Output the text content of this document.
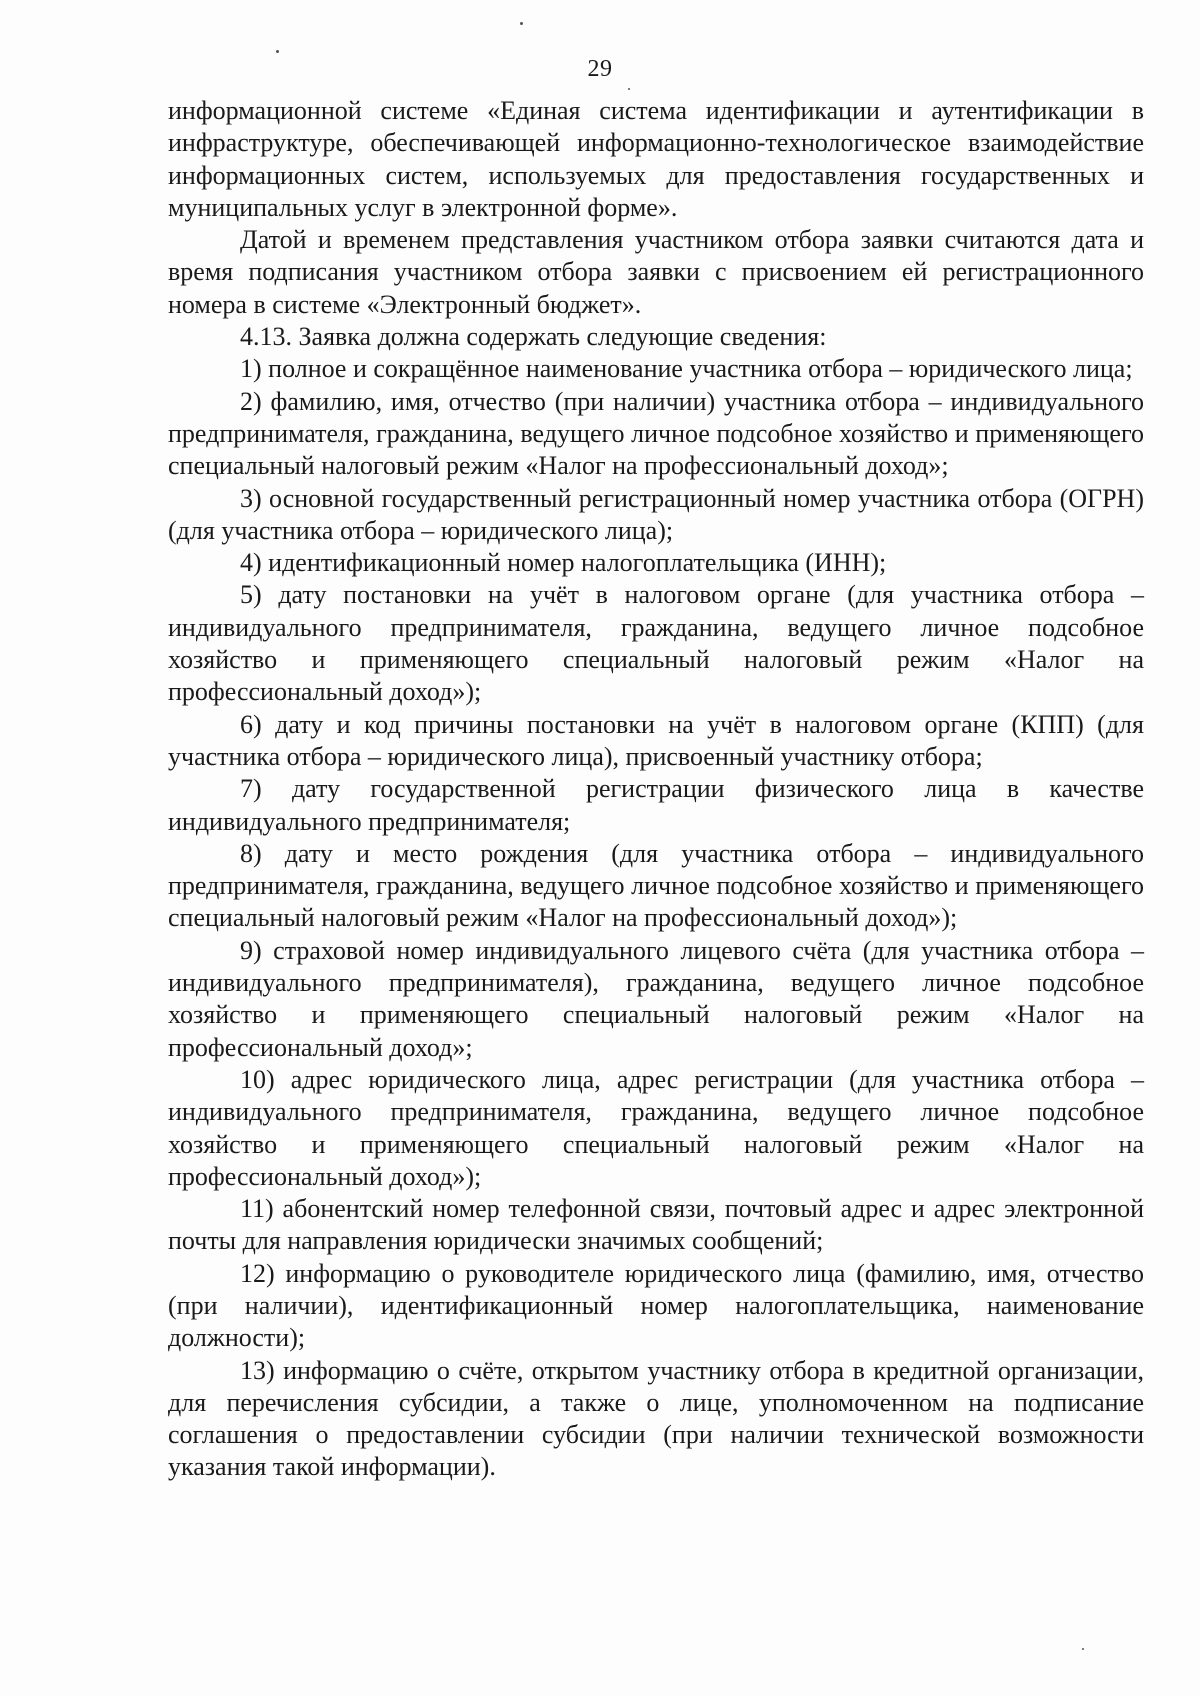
29

информационной системе «Единая система идентификации и аутентификации в инфраструктуре, обеспечивающей информационно-технологическое взаимодействие информационных систем, используемых для предоставления государственных и муниципальных услуг в электронной форме».

Датой и временем представления участником отбора заявки считаются дата и время подписания участником отбора заявки с присвоением ей регистрационного номера в системе «Электронный бюджет».

4.13. Заявка должна содержать следующие сведения:

1) полное и сокращённое наименование участника отбора – юридического лица;

2) фамилию, имя, отчество (при наличии) участника отбора – индивидуального предпринимателя, гражданина, ведущего личное подсобное хозяйство и применяющего специальный налоговый режим «Налог на профессиональный доход»;

3) основной государственный регистрационный номер участника отбора (ОГРН) (для участника отбора – юридического лица);

4) идентификационный номер налогоплательщика (ИНН);

5) дату постановки на учёт в налоговом органе (для участника отбора – индивидуального предпринимателя, гражданина, ведущего личное подсобное хозяйство и применяющего специальный налоговый режим «Налог на профессиональный доход»);

6) дату и код причины постановки на учёт в налоговом органе (КПП) (для участника отбора – юридического лица), присвоенный участнику отбора;

7) дату государственной регистрации физического лица в качестве индивидуального предпринимателя;

8) дату и место рождения (для участника отбора – индивидуального предпринимателя, гражданина, ведущего личное подсобное хозяйство и применяющего специальный налоговый режим «Налог на профессиональный доход»);

9) страховой номер индивидуального лицевого счёта (для участника отбора – индивидуального предпринимателя), гражданина, ведущего личное подсобное хозяйство и применяющего специальный налоговый режим «Налог на профессиональный доход»;

10) адрес юридического лица, адрес регистрации (для участника отбора – индивидуального предпринимателя, гражданина, ведущего личное подсобное хозяйство и применяющего специальный налоговый режим «Налог на профессиональный доход»);

11) абонентский номер телефонной связи, почтовый адрес и адрес электронной почты для направления юридически значимых сообщений;

12) информацию о руководителе юридического лица (фамилию, имя, отчество (при наличии), идентификационный номер налогоплательщика, наименование должности);

13) информацию о счёте, открытом участнику отбора в кредитной организации, для перечисления субсидии, а также о лице, уполномоченном на подписание соглашения о предоставлении субсидии (при наличии технической возможности указания такой информации).
